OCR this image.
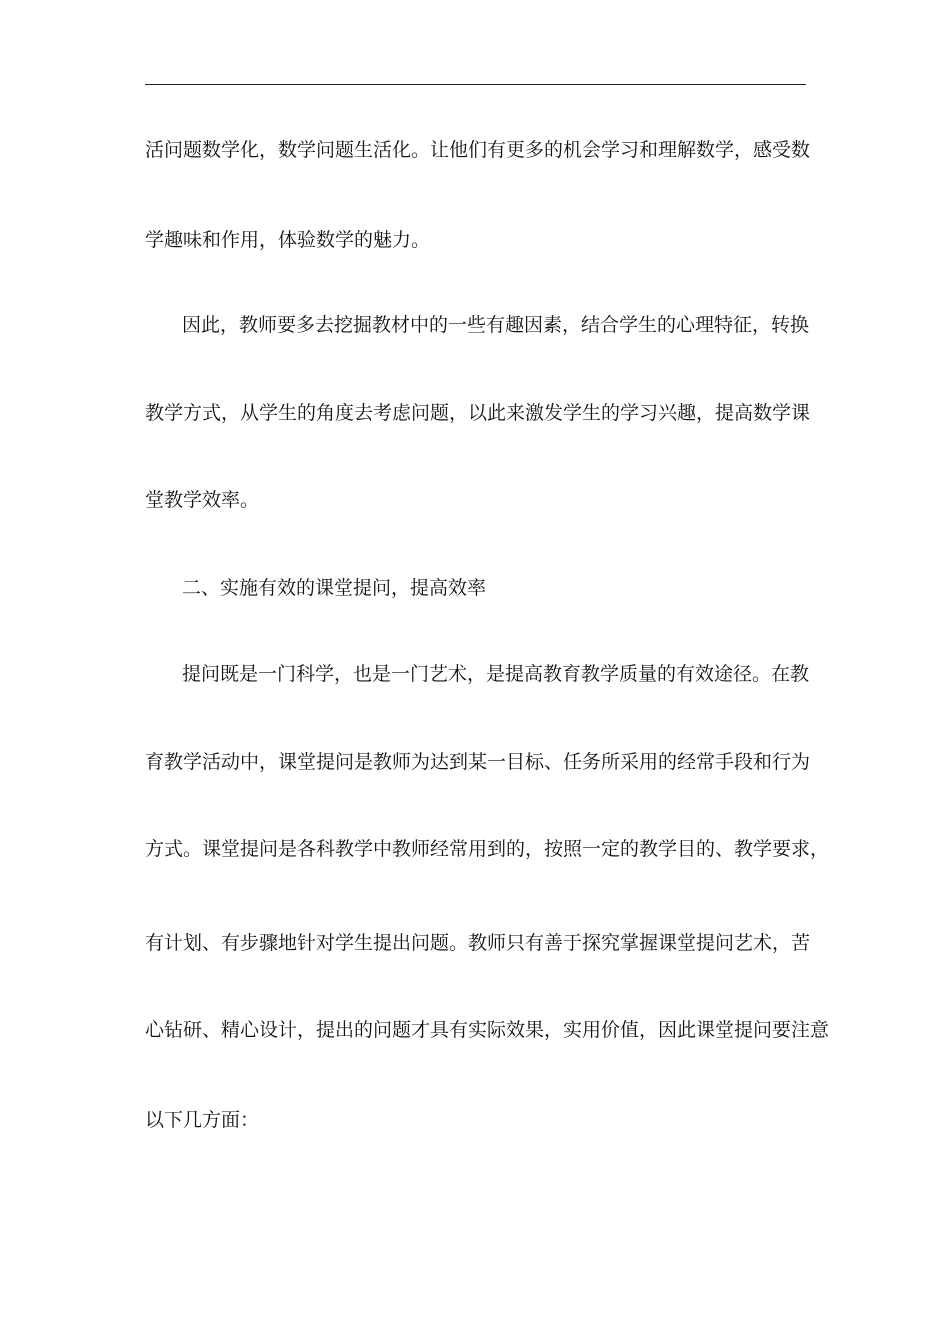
活问题数学化，数学问题生活化。让他们有更多的机会学习和理解数学，感受数
学趣味和作用，体验数学的魅力。
因此，教师要多去挖掘教材中的一些有趣因素，结合学生的心理特征，转换
教学方式，从学生的角度去考虑问题，以此来激发学生的学习兴趣，提高数学课
堂教学效率。
二、实施有效的课堂提问，提高效率
提问既是一门科学，也是一门艺术，是提高教育教学质量的有效途径。在教
育教学活动中，课堂提问是教师为达到某一目标、任务所采用的经常手段和行为
方式。课堂提问是各科教学中教师经常用到的，按照一定的教学目的、教学要求，
有计划、有步骤地针对学生提出问题。教师只有善于探究掌握课堂提问艺术，苦
心钻研、精心设计，提出的问题才具有实际效果，实用价值，因此课堂提问要注意
以下几方面：
